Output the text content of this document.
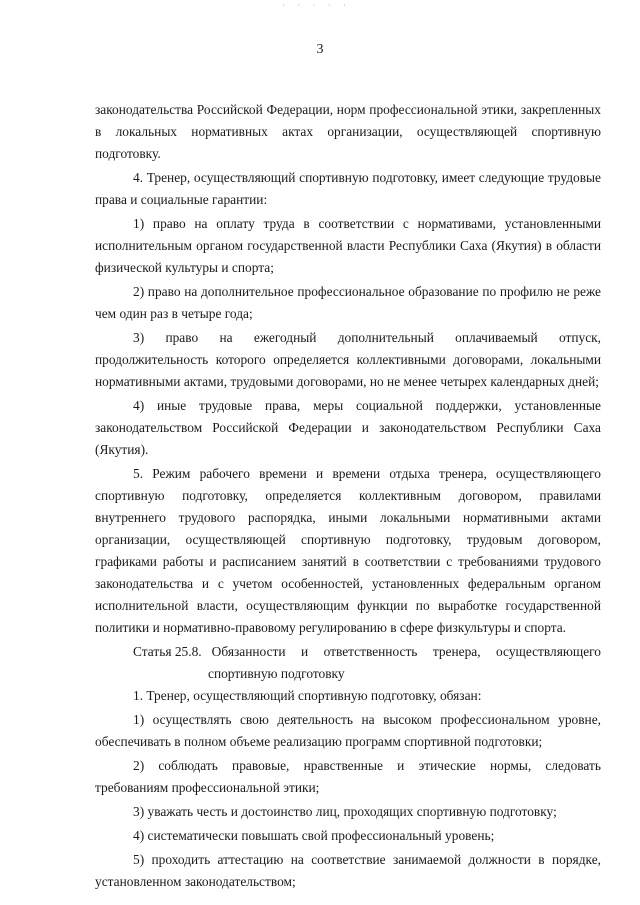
· · · · ·
3

законодательства Российской Федерации, норм профессиональной этики, закрепленных в локальных нормативных актах организации, осуществляющей спортивную подготовку.

4. Тренер, осуществляющий спортивную подготовку, имеет следующие трудовые права и социальные гарантии:

1) право на оплату труда в соответствии с нормативами, установленными исполнительным органом государственной власти Республики Саха (Якутия) в области физической культуры и спорта;

2) право на дополнительное профессиональное образование по профилю не реже чем один раз в четыре года;

3) право на ежегодный дополнительный оплачиваемый отпуск, продолжительность которого определяется коллективными договорами, локальными нормативными актами, трудовыми договорами, но не менее четырех календарных дней;

4) иные трудовые права, меры социальной поддержки, установленные законодательством Российской Федерации и законодательством Республики Саха (Якутия).

5. Режим рабочего времени и времени отдыха тренера, осуществляющего спортивную подготовку, определяется коллективным договором, правилами внутреннего трудового распорядка, иными локальными нормативными актами организации, осуществляющей спортивную подготовку, трудовым договором, графиками работы и расписанием занятий в соответствии с требованиями трудового законодательства и с учетом особенностей, установленных федеральным органом исполнительной власти, осуществляющим функции по выработке государственной политики и нормативно-правовому регулированию в сфере физкультуры и спорта.

Статья 25.8.
Обязанности и ответственность тренера, осуществляющего
спортивную подготовку

1. Тренер, осуществляющий спортивную подготовку, обязан:

1) осуществлять свою деятельность на высоком профессиональном уровне, обеспечивать в полном объеме реализацию программ спортивной подготовки;

2) соблюдать правовые, нравственные и этические нормы, следовать требованиям профессиональной этики;

3) уважать честь и достоинство лиц, проходящих спортивную подготовку;

4) систематически повышать свой профессиональный уровень;

5) проходить аттестацию на соответствие занимаемой должности в порядке, установленном законодательством;
